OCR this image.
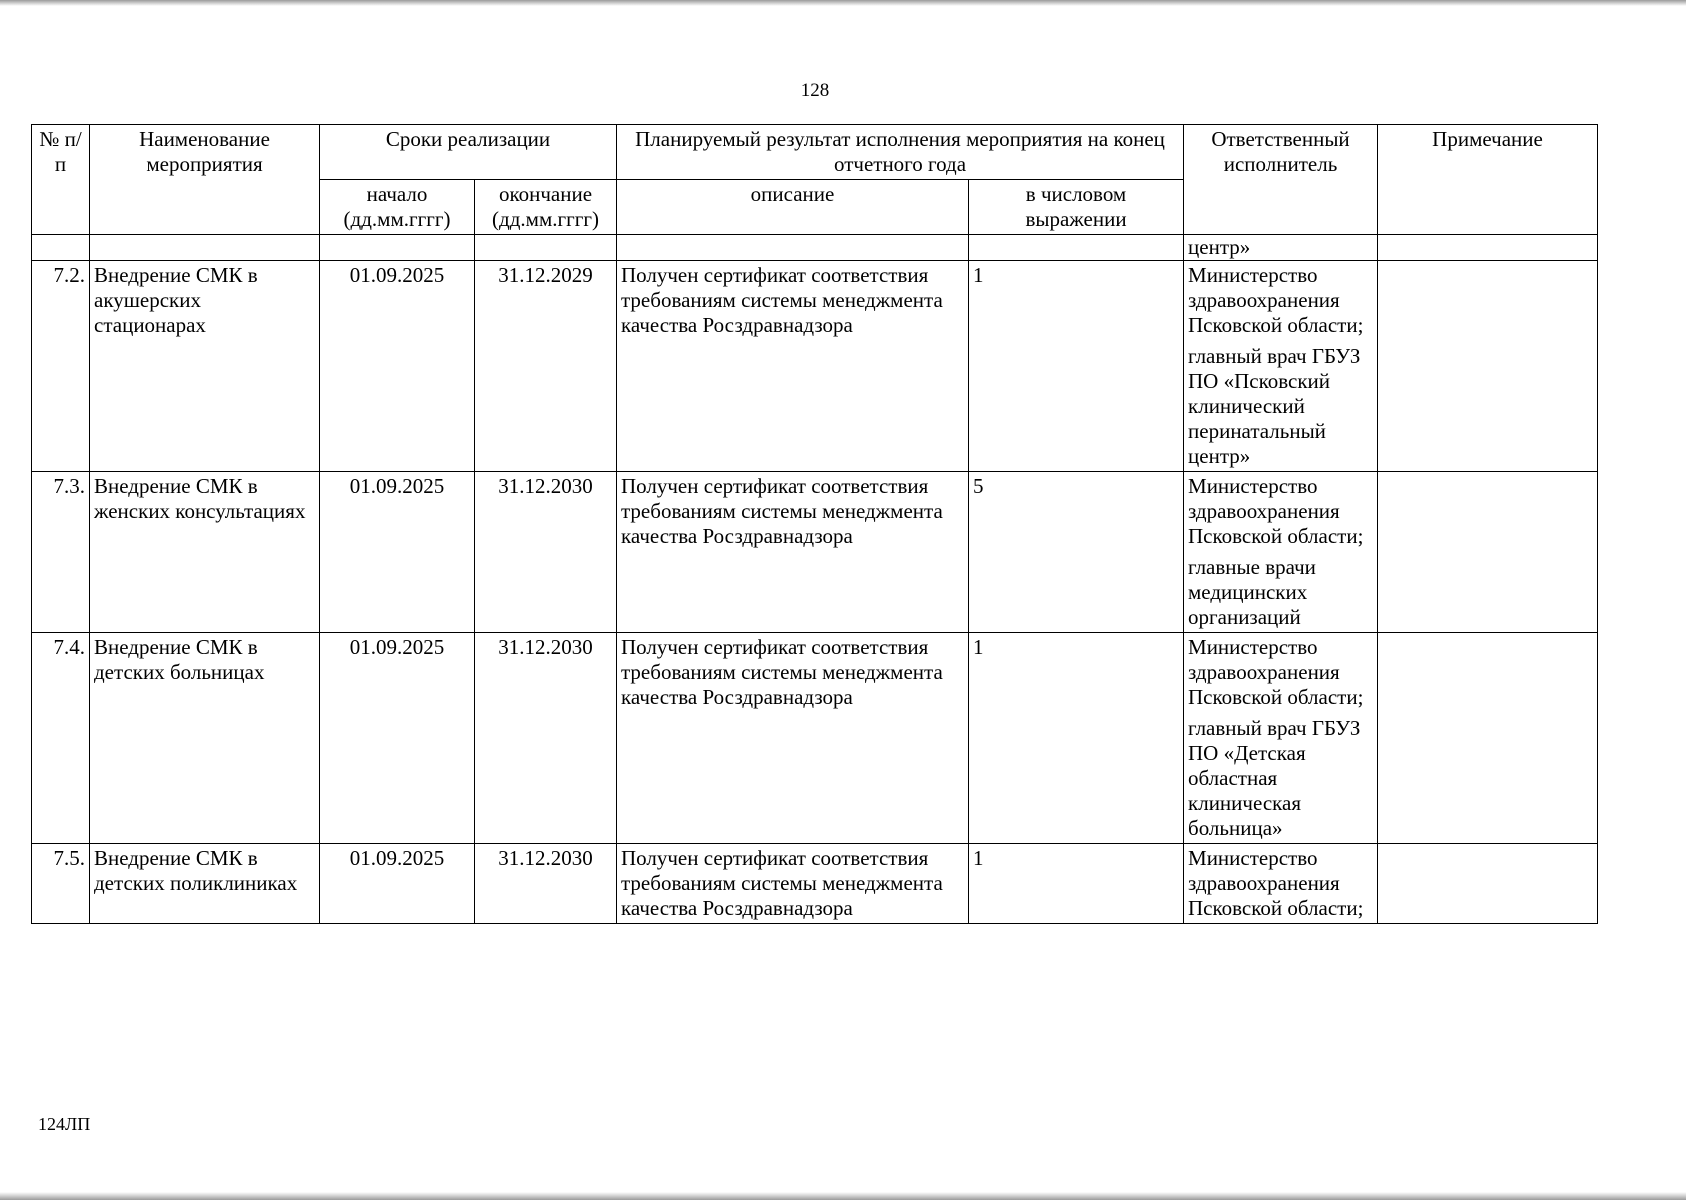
128
№ п/п	Наименование мероприятия	Сроки реализации		Планируемый результат исполнения мероприятия на конец отчетного года		Ответственный исполнитель	Примечание
		начало (дд.мм.гггг)	окончание (дд.мм.гггг)	описание	в числовом выражении		
						центр»	
7.2.	Внедрение СМК в акушерских стационарах	01.09.2025	31.12.2029	Получен сертификат соответствия требованиям системы менеджмента качества Росздравнадзора	1	Министерство здравоохранения Псковской области;

главный врач ГБУЗ ПО «Псковский клинический перинатальный центр»	

7.3.	Внедрение СМК в женских консультациях	01.09.2025	31.12.2030	Получен сертификат соответствия требованиям системы менеджмента качества Росздравнадзора	5	Министерство здравоохранения Псковской области;

главные врачи медицинских организаций	

7.4.	Внедрение СМК в детских больницах	01.09.2025	31.12.2030	Получен сертификат соответствия требованиям системы менеджмента качества Росздравнадзора	1	Министерство здравоохранения Псковской области;

главный врач ГБУЗ ПО «Детская областная клиническая больница»	

7.5.	Внедрение СМК в детских поликлиниках	01.09.2025	31.12.2030	Получен сертификат соответствия требованиям системы менеджмента качества Росздравнадзора	1	Министерство здравоохранения Псковской области;	

124ЛП
